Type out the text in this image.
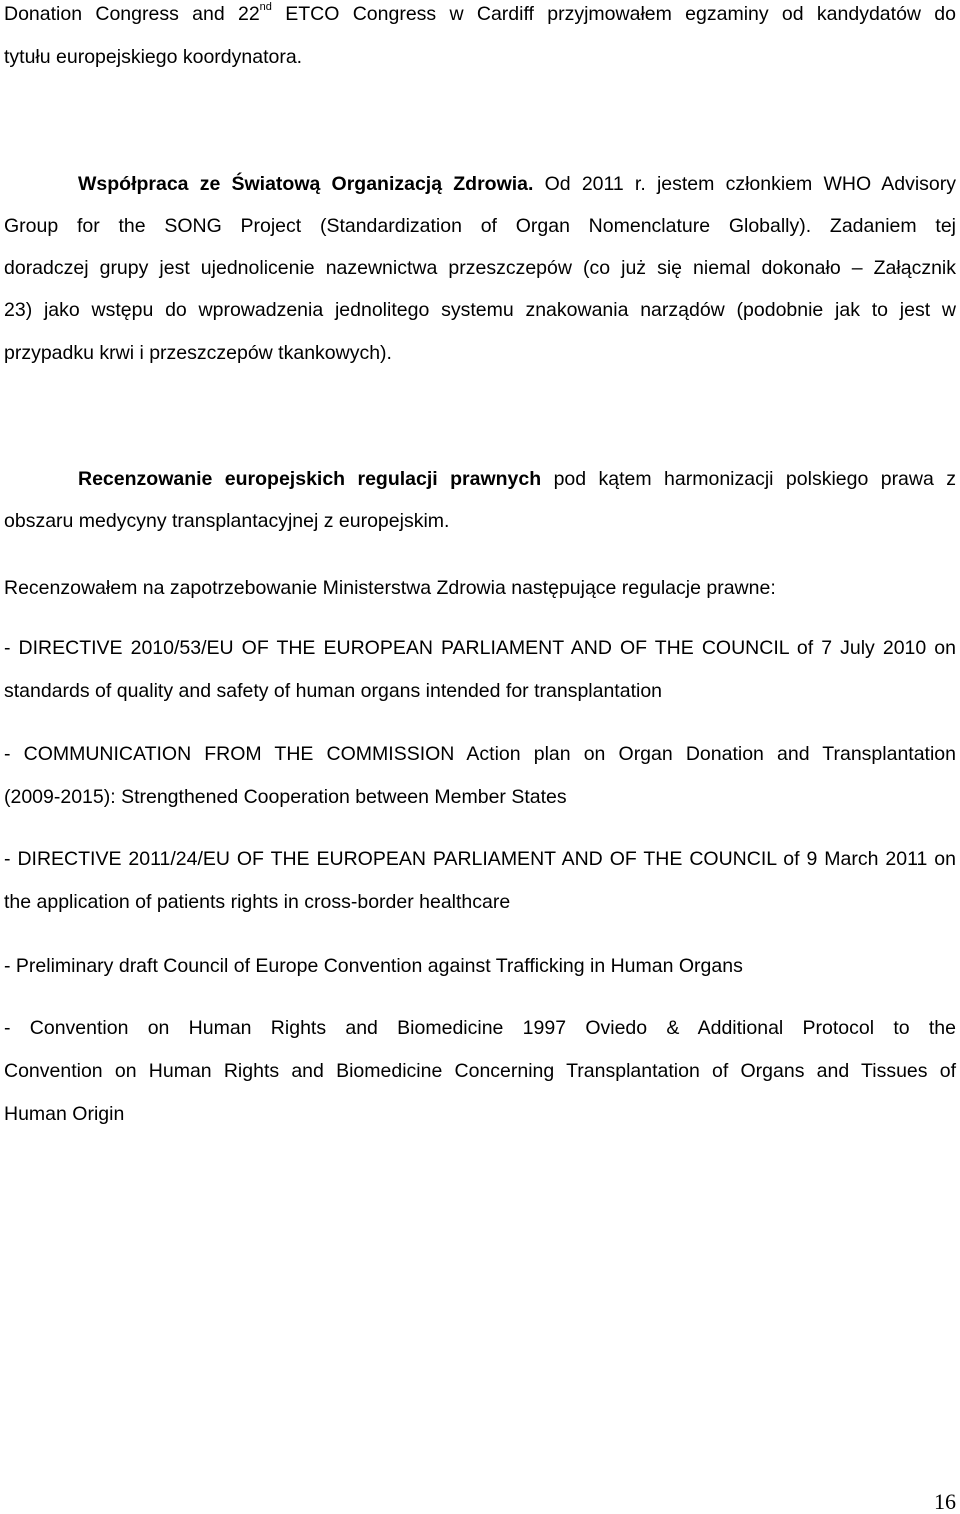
Donation Congress and 22nd ETCO Congress w Cardiff przyjmowałem egzaminy od kandydatów do
tytułu europejskiego koordynatora.
Współpraca ze Światową Organizacją Zdrowia. Od 2011 r. jestem członkiem WHO Advisory
Group for the SONG Project (Standardization of Organ Nomenclature Globally). Zadaniem tej
doradczej grupy jest ujednolicenie nazewnictwa przeszczepów (co już się niemal dokonało – Załącznik
23) jako wstępu do wprowadzenia jednolitego systemu znakowania narządów (podobnie jak to jest w
przypadku krwi i przeszczepów tkankowych).
Recenzowanie europejskich regulacji prawnych pod kątem harmonizacji polskiego prawa z
obszaru medycyny transplantacyjnej z europejskim.
Recenzowałem na zapotrzebowanie Ministerstwa Zdrowia następujące regulacje prawne:
- DIRECTIVE 2010/53/EU OF THE EUROPEAN PARLIAMENT AND OF THE COUNCIL of 7 July 2010 on
standards of quality and safety of human organs intended for transplantation
- COMMUNICATION FROM THE COMMISSION Action plan on Organ Donation and Transplantation
(2009-2015): Strengthened Cooperation between Member States
- DIRECTIVE 2011/24/EU OF THE EUROPEAN PARLIAMENT AND OF THE COUNCIL of 9 March 2011 on
the application of patients rights in cross-border healthcare
- Preliminary draft Council of Europe Convention against Trafficking in Human Organs
- Convention on Human Rights and Biomedicine 1997 Oviedo & Additional Protocol to the
Convention on Human Rights and Biomedicine Concerning Transplantation of Organs and Tissues of
Human Origin
16
